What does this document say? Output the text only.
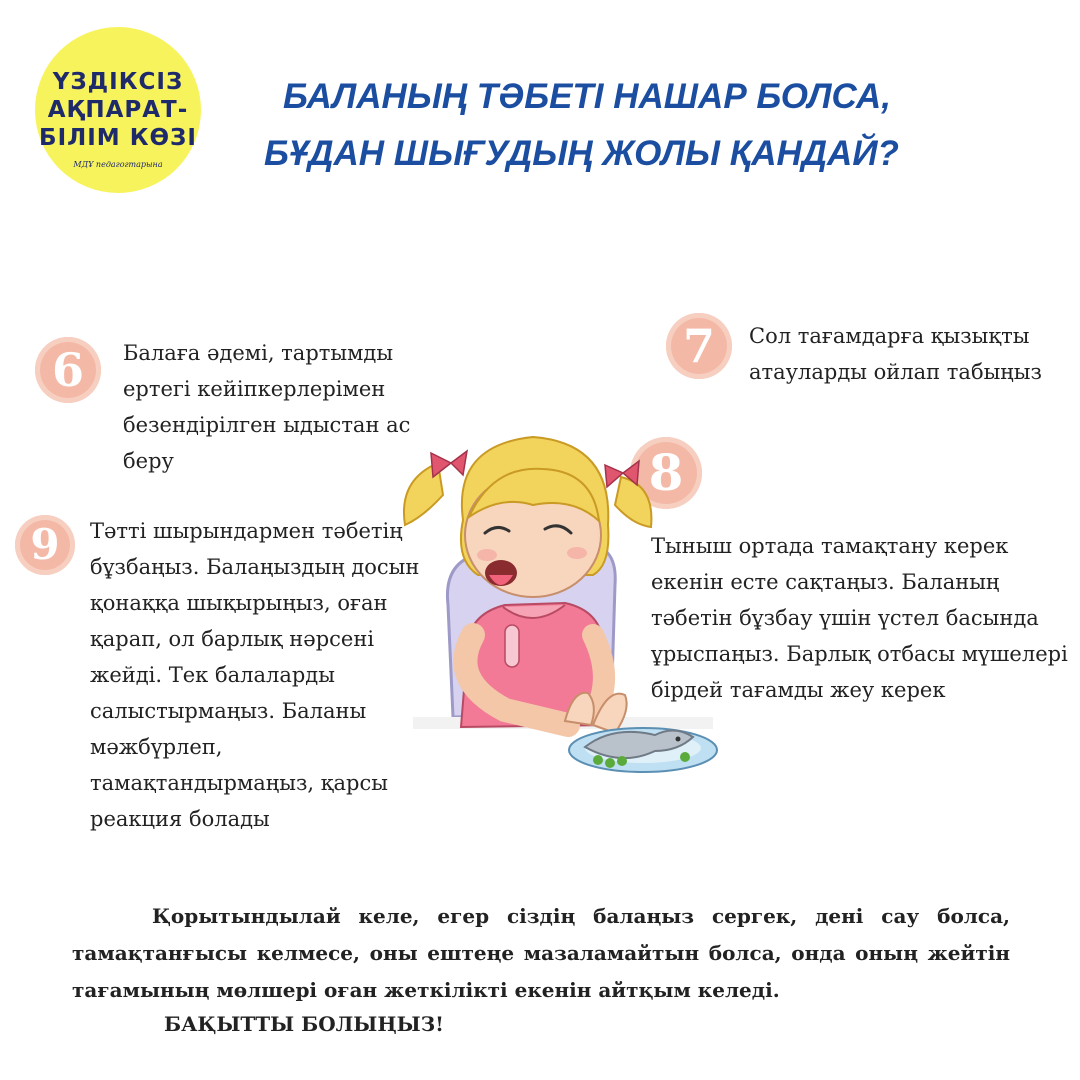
ҮЗДІКСІЗ
АҚПАРАТ-
БІЛІМ КӨЗІ
МДҰ педагогтарына
БАЛАНЫҢ ТӘБЕТІ НАШАР БОЛСА,
БҰДАН ШЫҒУДЫҢ ЖОЛЫ ҚАНДАЙ?
6	Балаға әдемі, тартымды ертегі кейіпкерлерімен безендірілген ыдыстан ас беру
7	Сол тағамдарға қызықты атауларды ойлап табыңыз
8
Тыныш ортада тамақтану керек екенін есте сақтаңыз. Баланың тәбетін бұзбау үшін үстел басында ұрыспаңыз. Барлық отбасы мүшелері бірдей тағамды жеу керек
9	Тәтті шырындармен тәбетің бұзбаңыз. Балаңыздың досын қонаққа шықырыңыз, оған қарап, ол барлық нәрсені жейді. Тек балаларды салыстырмаңыз. Баланы мәжбүрлеп, тамақтандырмаңыз, қарсы реакция болады
Қорытындылай келе, егер сіздің балаңыз сергек, дені сау болса, тамақтанғысы келмесе, оны ештеңе мазаламайтын болса, онда оның жейтін тағамының мөлшері оған жеткілікті екенін айтқым келеді.
БАҚЫТТЫ БОЛЫҢЫЗ!
